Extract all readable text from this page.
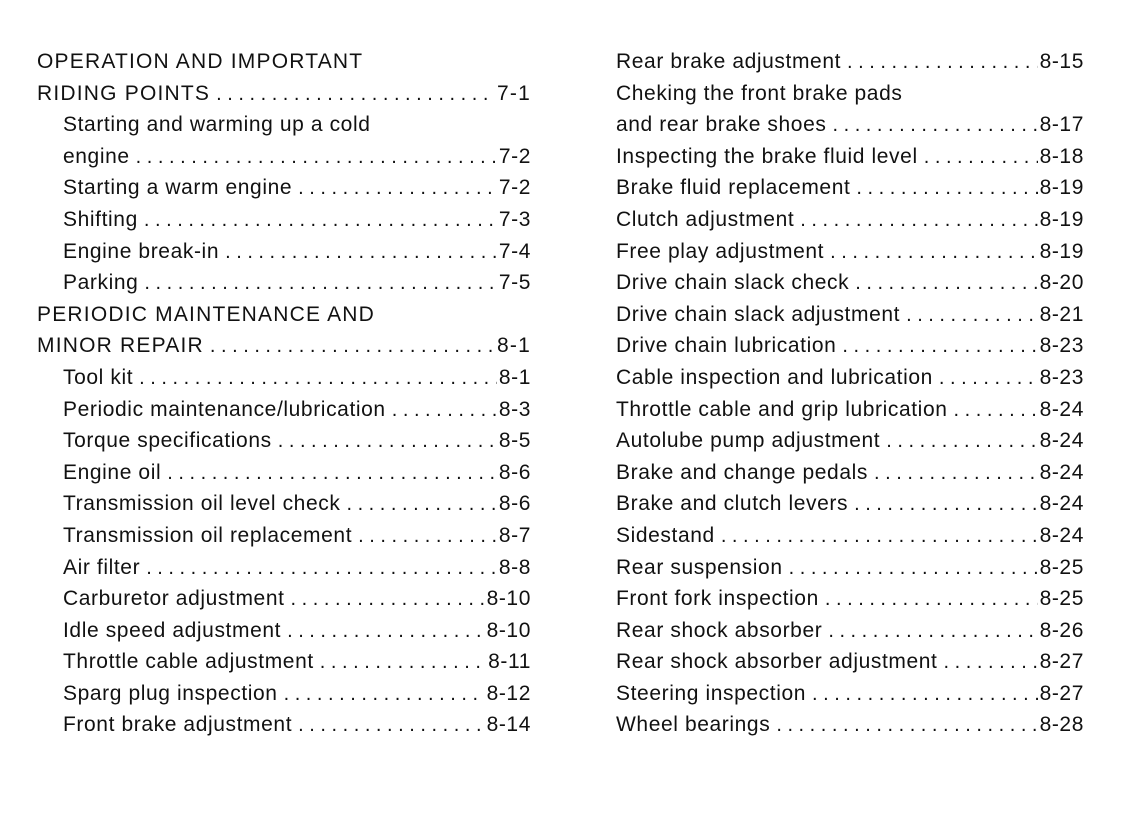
OPERATION AND IMPORTANT
RIDING POINTS . . .	7-1
Starting and warming up a cold
engine . . .	7-2
Starting a warm engine . . .	7-2
Shifting . . .	7-3
Engine break-in . . .	7-4
Parking . . .	7-5
PERIODIC MAINTENANCE AND
MINOR REPAIR . . .	8-1
Tool kit . . .	8-1
Periodic maintenance/lubrication . . .	8-3
Torque specifications . . .	8-5
Engine oil . . .	8-6
Transmission oil level check . . .	8-6
Transmission oil replacement . . .	8-7
Air filter . . .	8-8
Carburetor adjustment . . .	8-10
Idle speed adjustment . . .	8-10
Throttle cable adjustment . . .	8-11
Sparg plug inspection . . .	8-12
Front brake adjustment . . .	8-14
Rear brake adjustment . . .	8-15
Cheking the front brake pads
and rear brake shoes . . .	8-17
Inspecting the brake fluid level . . .	8-18
Brake fluid replacement . . .	8-19
Clutch adjustment . . .	8-19
Free play adjustment . . .	8-19
Drive chain slack check . . .	8-20
Drive chain slack adjustment . . .	8-21
Drive chain lubrication . . .	8-23
Cable inspection and lubrication . . .	8-23
Throttle cable and grip lubrication . . .	8-24
Autolube pump adjustment . . .	8-24
Brake and change pedals . . .	8-24
Brake and clutch levers . . .	8-24
Sidestand . . .	8-24
Rear suspension . . .	8-25
Front fork inspection . . .	8-25
Rear shock absorber . . .	8-26
Rear shock absorber adjustment . . .	8-27
Steering inspection . . .	8-27
Wheel bearings . . .	8-28
